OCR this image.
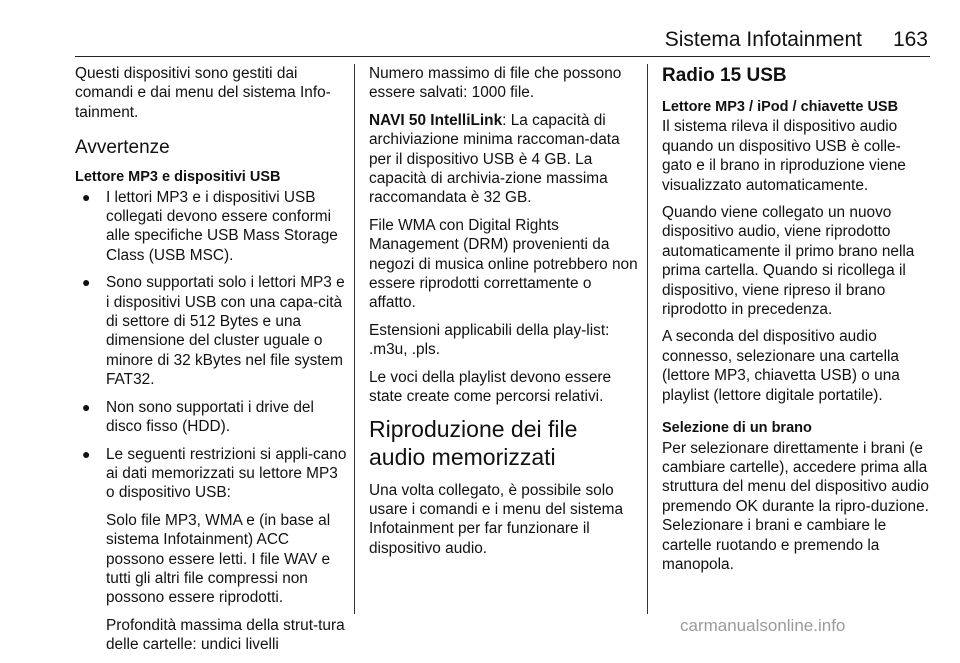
Sistema Infotainment 163

Questi dispositivi sono gestiti dai comandi e dai menu del sistema Info-tainment.

Avvertenze
Lettore MP3 e dispositivi USB
● I lettori MP3 e i dispositivi USB collegati devono essere conformi alle specifiche USB Mass Storage Class (USB MSC).
● Sono supportati solo i lettori MP3 e i dispositivi USB con una capa-cità di settore di 512 Bytes e una dimensione del cluster uguale o minore di 32 kBytes nel file system FAT32.
● Non sono supportati i drive del disco fisso (HDD).
● Le seguenti restrizioni si appli-cano ai dati memorizzati su lettore MP3 o dispositivo USB:

Solo file MP3, WMA e (in base al sistema Infotainment) ACC possono essere letti. I file WAV e tutti gli altri file compressi non possono essere riprodotti.

Profondità massima della strut-tura delle cartelle: undici livelli

Numero massimo di file che possono essere salvati: 1000 file.

NAVI 50 IntelliLink: La capacità di archiviazione minima raccoman-data per il dispositivo USB è 4 GB. La capacità di archivia-zione massima raccomandata è 32 GB.

File WMA con Digital Rights Management (DRM) provenienti da negozi di musica online potrebbero non essere riprodotti correttamente o affatto.

Estensioni applicabili della play-list: .m3u, .pls.

Le voci della playlist devono essere state create come percorsi relativi.

Riproduzione dei file audio memorizzati

Una volta collegato, è possibile solo usare i comandi e i menu del sistema Infotainment per far funzionare il dispositivo audio.

Radio 15 USB
Lettore MP3 / iPod / chiavette USB

Il sistema rileva il dispositivo audio quando un dispositivo USB è colle-gato e il brano in riproduzione viene visualizzato automaticamente.

Quando viene collegato un nuovo dispositivo audio, viene riprodotto automaticamente il primo brano nella prima cartella. Quando si ricollega il dispositivo, viene ripreso il brano riprodotto in precedenza.

A seconda del dispositivo audio connesso, selezionare una cartella (lettore MP3, chiavetta USB) o una playlist (lettore digitale portatile).

Selezione di un brano

Per selezionare direttamente i brani (e cambiare cartelle), accedere prima alla struttura del menu del dispositivo audio premendo OK durante la ripro-duzione. Selezionare i brani e cambiare le cartelle ruotando e premendo la manopola.

carmanualsonline.info
